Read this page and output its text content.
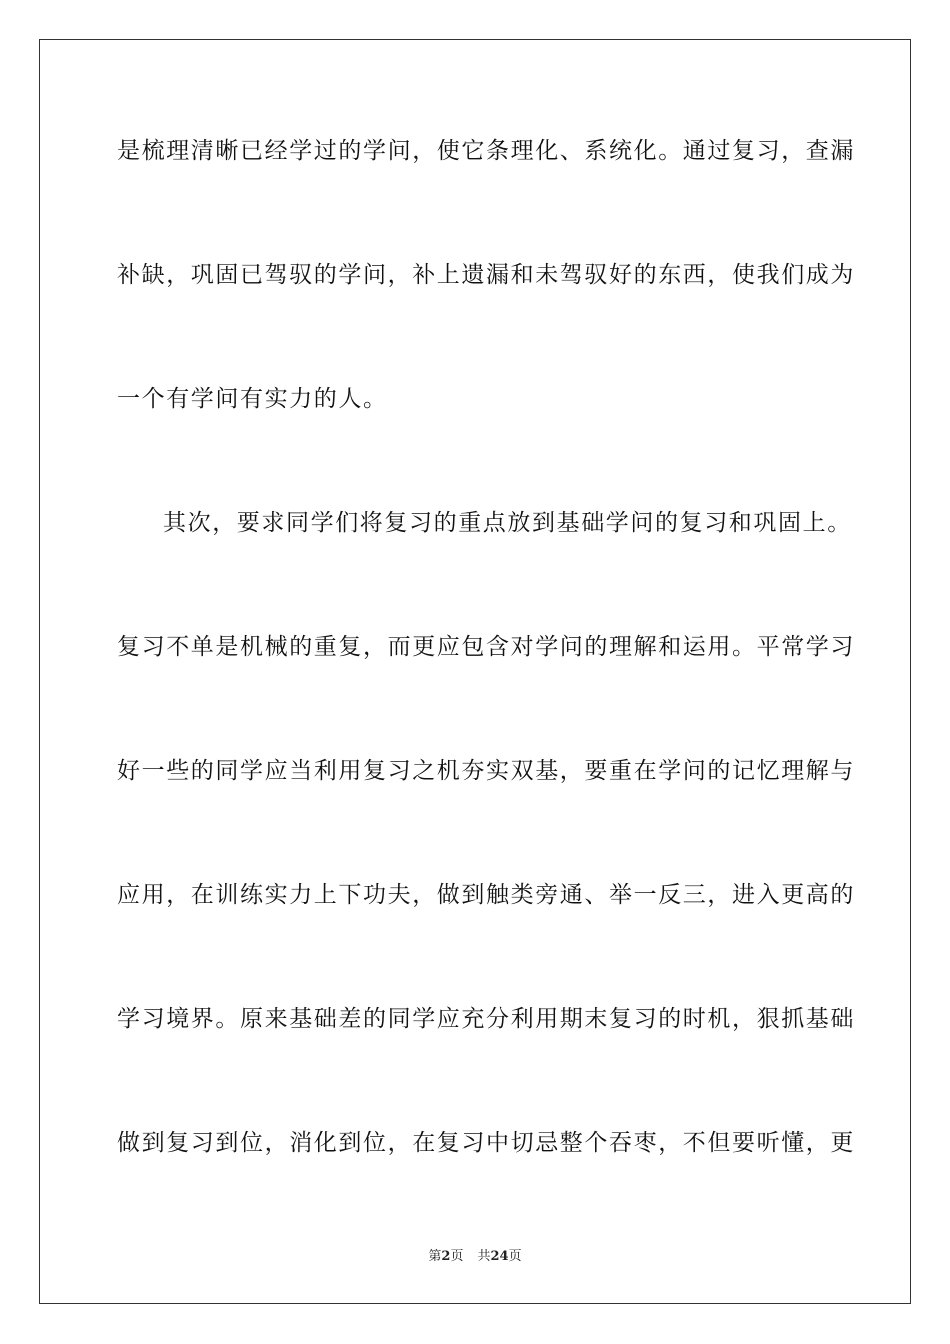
是梳理清晰已经学过的学问，使它条理化、系统化。通过复习，查漏
补缺，巩固已驾驭的学问，补上遗漏和未驾驭好的东西，使我们成为
一个有学问有实力的人。
其次，要求同学们将复习的重点放到基础学问的复习和巩固上。
复习不单是机械的重复，而更应包含对学问的理解和运用。平常学习
好一些的同学应当利用复习之机夯实双基，要重在学问的记忆理解与
应用，在训练实力上下功夫，做到触类旁通、举一反三，进入更高的
学习境界。原来基础差的同学应充分利用期末复习的时机，狠抓基础
做到复习到位，消化到位，在复习中切忌整个吞枣，不但要听懂，更
第2页 共24页
